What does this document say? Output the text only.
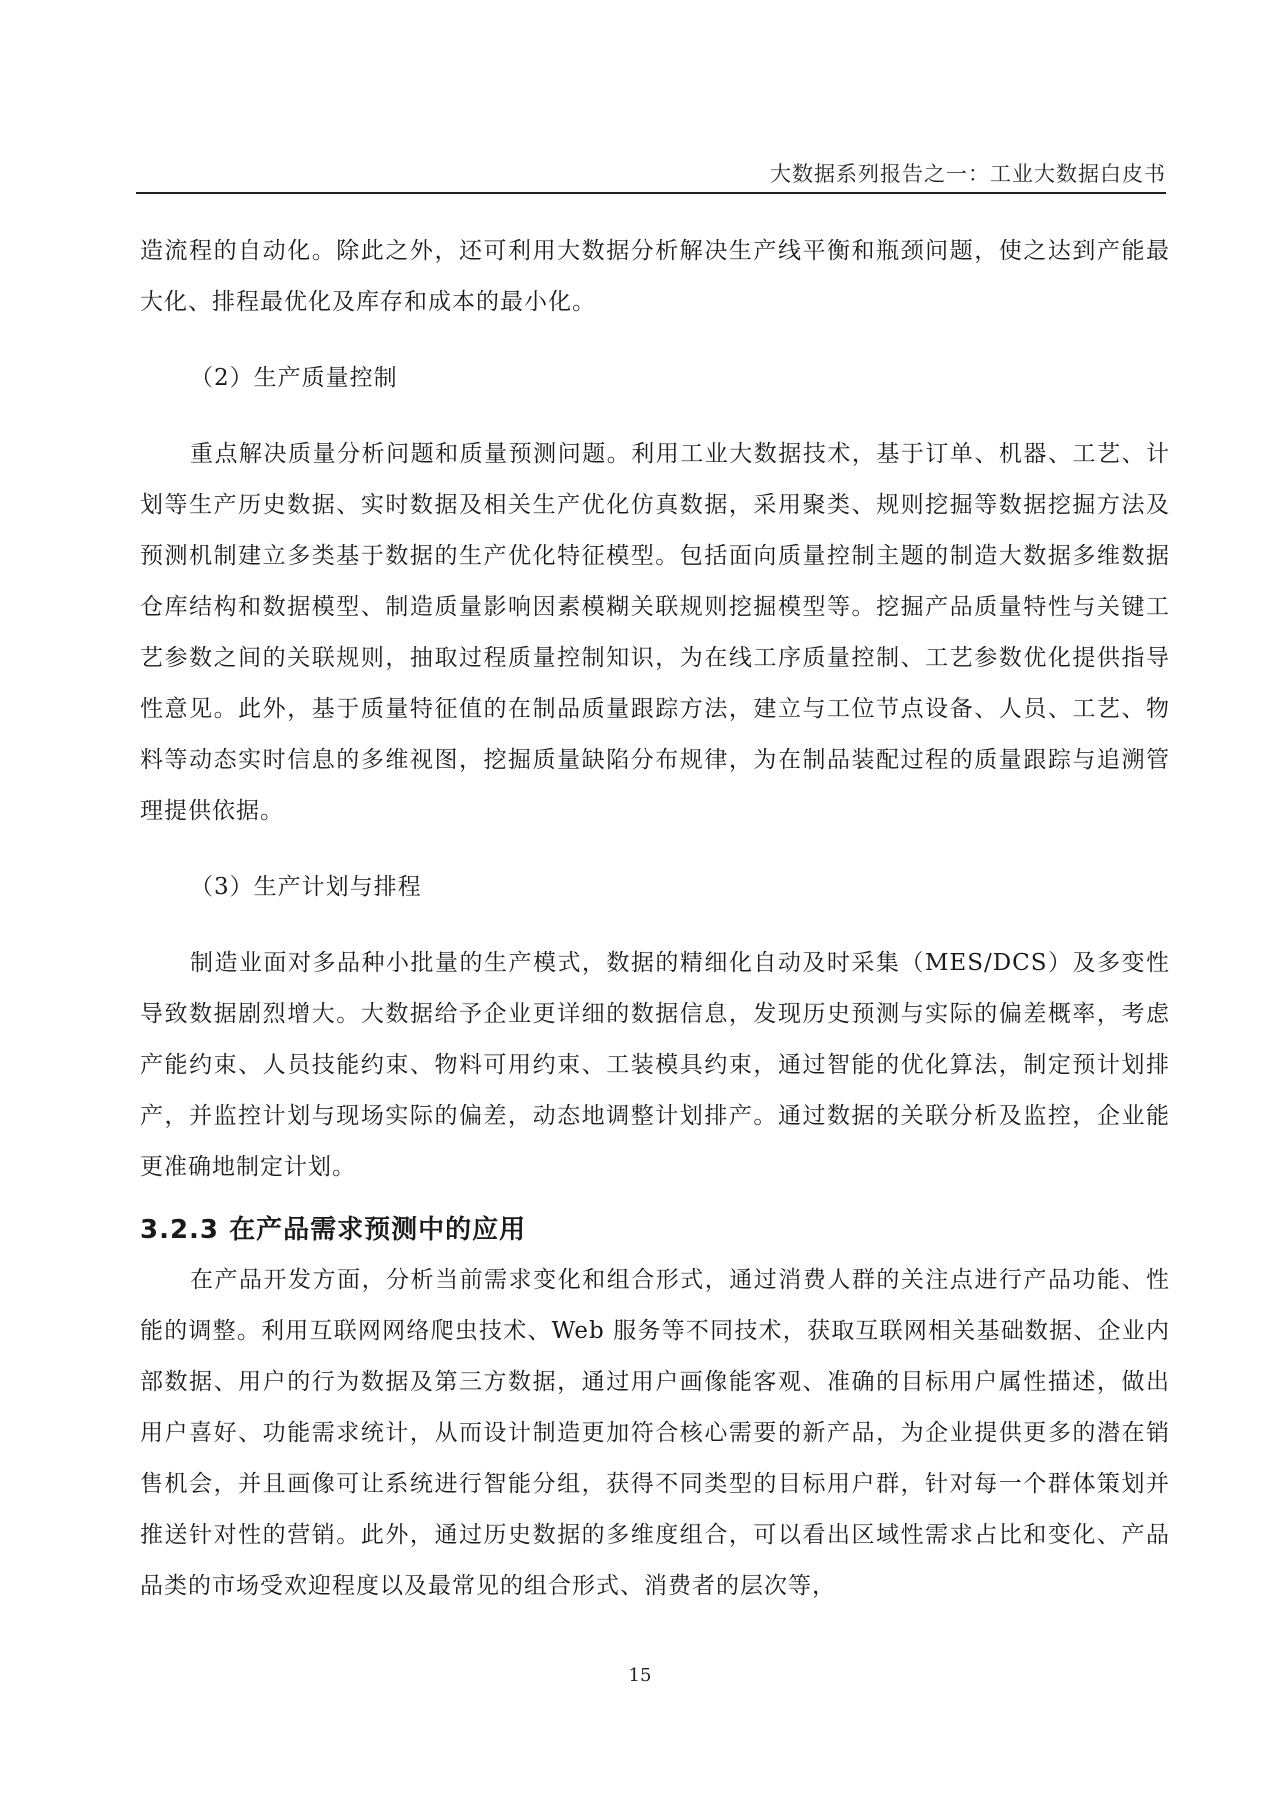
大数据系列报告之一：工业大数据白皮书

造流程的自动化。除此之外，还可利用大数据分析解决生产线平衡和瓶颈问题，使之达到产能最大化、排程最优化及库存和成本的最小化。

（2）生产质量控制

重点解决质量分析问题和质量预测问题。利用工业大数据技术，基于订单、机器、工艺、计划等生产历史数据、实时数据及相关生产优化仿真数据，采用聚类、规则挖掘等数据挖掘方法及预测机制建立多类基于数据的生产优化特征模型。包括面向质量控制主题的制造大数据多维数据仓库结构和数据模型、制造质量影响因素模糊关联规则挖掘模型等。挖掘产品质量特性与关键工艺参数之间的关联规则，抽取过程质量控制知识，为在线工序质量控制、工艺参数优化提供指导性意见。此外，基于质量特征值的在制品质量跟踪方法，建立与工位节点设备、人员、工艺、物料等动态实时信息的多维视图，挖掘质量缺陷分布规律，为在制品装配过程的质量跟踪与追溯管理提供依据。

（3）生产计划与排程

制造业面对多品种小批量的生产模式，数据的精细化自动及时采集（MES/DCS）及多变性导致数据剧烈增大。大数据给予企业更详细的数据信息，发现历史预测与实际的偏差概率，考虑产能约束、人员技能约束、物料可用约束、工装模具约束，通过智能的优化算法，制定预计划排产，并监控计划与现场实际的偏差，动态地调整计划排产。通过数据的关联分析及监控，企业能更准确地制定计划。

3.2.3 在产品需求预测中的应用

在产品开发方面，分析当前需求变化和组合形式，通过消费人群的关注点进行产品功能、性能的调整。利用互联网网络爬虫技术、Web 服务等不同技术，获取互联网相关基础数据、企业内部数据、用户的行为数据及第三方数据，通过用户画像能客观、准确的目标用户属性描述，做出用户喜好、功能需求统计，从而设计制造更加符合核心需要的新产品，为企业提供更多的潜在销售机会，并且画像可让系统进行智能分组，获得不同类型的目标用户群，针对每一个群体策划并推送针对性的营销。此外，通过历史数据的多维度组合，可以看出区域性需求占比和变化、产品品类的市场受欢迎程度以及最常见的组合形式、消费者的层次等，

15
